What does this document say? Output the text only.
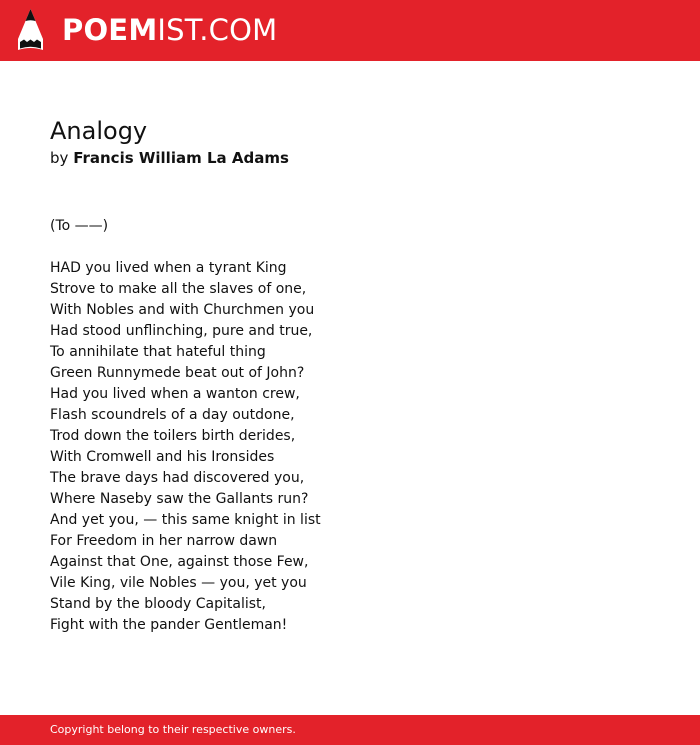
POEMIST.COM
Analogy
by Francis William La Adams
(To ——)
HAD you lived when a tyrant King
Strove to make all the slaves of one,
With Nobles and with Churchmen you
Had stood unflinching, pure and true,
To annihilate that hateful thing
Green Runnymede beat out of John?
Had you lived when a wanton crew,
Flash scoundrels of a day outdone,
Trod down the toilers birth derides,
With Cromwell and his Ironsides
The brave days had discovered you,
Where Naseby saw the Gallants run?
And yet you, — this same knight in list
For Freedom in her narrow dawn
Against that One, against those Few,
Vile King, vile Nobles — you, yet you
Stand by the bloody Capitalist,
Fight with the pander Gentleman!
Copyright belong to their respective owners.
